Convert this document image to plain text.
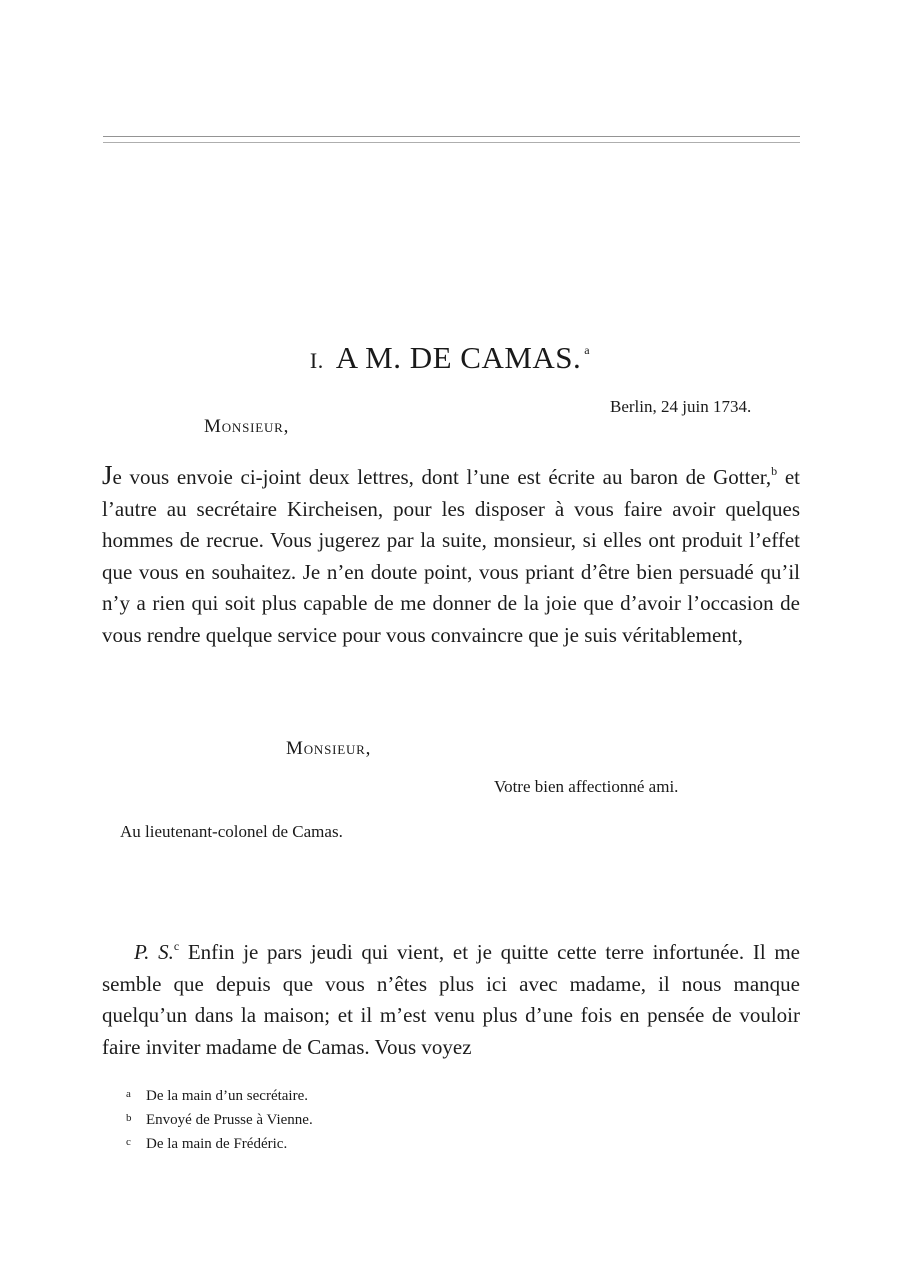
I. A M. DE CAMAS. $^a$
Berlin, 24 juin 1734.
Monsieur,
Je vous envoie ci-joint deux lettres, dont l’une est écrite au baron de Gotter,$^b$ et l’autre au secrétaire Kircheisen, pour les disposer à vous faire avoir quelques hommes de recrue. Vous jugerez par la suite, monsieur, si elles ont produit l’effet que vous en souhaitez. Je n’en doute point, vous priant d’être bien persuadé qu’il n’y a rien qui soit plus capable de me donner de la joie que d’avoir l’occasion de vous rendre quelque service pour vous convaincre que je suis véritablement,
Monsieur,
Votre bien affectionné ami.
Au lieutenant-colonel de Camas.
P. S.$^c$ Enfin je pars jeudi qui vient, et je quitte cette terre infortunée. Il me semble que depuis que vous n’êtes plus ici avec madame, il nous manque quelqu’un dans la maison; et il m’est venu plus d’une fois en pensée de vouloir faire inviter madame de Camas. Vous voyez
a De la main d’un secrétaire.
b Envoyé de Prusse à Vienne.
c De la main de Frédéric.
